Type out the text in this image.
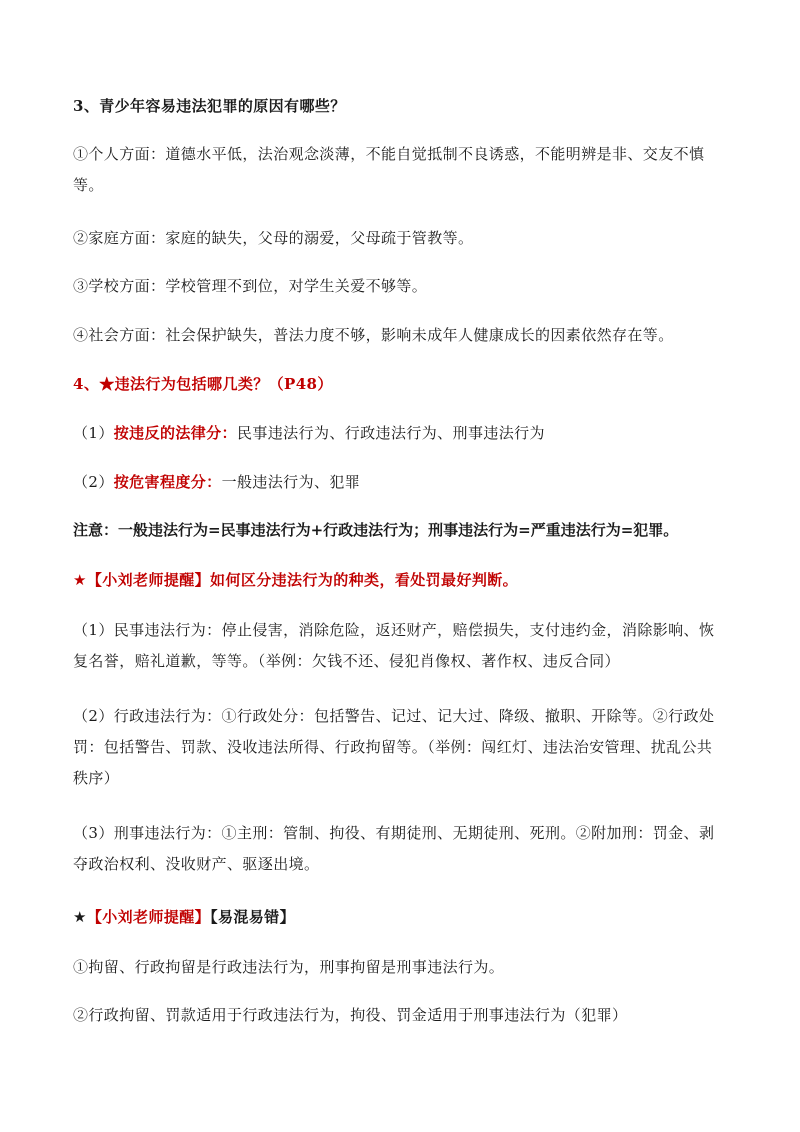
3、青少年容易违法犯罪的原因有哪些？

①个人方面：道德水平低，法治观念淡薄，不能自觉抵制不良诱惑，不能明辨是非、交友不慎等。

②家庭方面：家庭的缺失，父母的溺爱，父母疏于管教等。

③学校方面：学校管理不到位，对学生关爱不够等。

④社会方面：社会保护缺失，普法力度不够，影响未成年人健康成长的因素依然存在等。

4、★违法行为包括哪几类？（P48）

（1）按违反的法律分：民事违法行为、行政违法行为、刑事违法行为

（2）按危害程度分：一般违法行为、犯罪

注意：一般违法行为=民事违法行为+行政违法行为；刑事违法行为=严重违法行为=犯罪。

★【小刘老师提醒】如何区分违法行为的种类，看处罚最好判断。

（1）民事违法行为：停止侵害，消除危险，返还财产，赔偿损失，支付违约金，消除影响、恢复名誉，赔礼道歉，等等。（举例：欠钱不还、侵犯肖像权、著作权、违反合同）

（2）行政违法行为：①行政处分：包括警告、记过、记大过、降级、撤职、开除等。②行政处罚：包括警告、罚款、没收违法所得、行政拘留等。（举例：闯红灯、违法治安管理、扰乱公共秩序）

（3）刑事违法行为：①主刑：管制、拘役、有期徒刑、无期徒刑、死刑。②附加刑：罚金、剥夺政治权利、没收财产、驱逐出境。

★【小刘老师提醒】【易混易错】

①拘留、行政拘留是行政违法行为，刑事拘留是刑事违法行为。

②行政拘留、罚款适用于行政违法行为，拘役、罚金适用于刑事违法行为（犯罪）
